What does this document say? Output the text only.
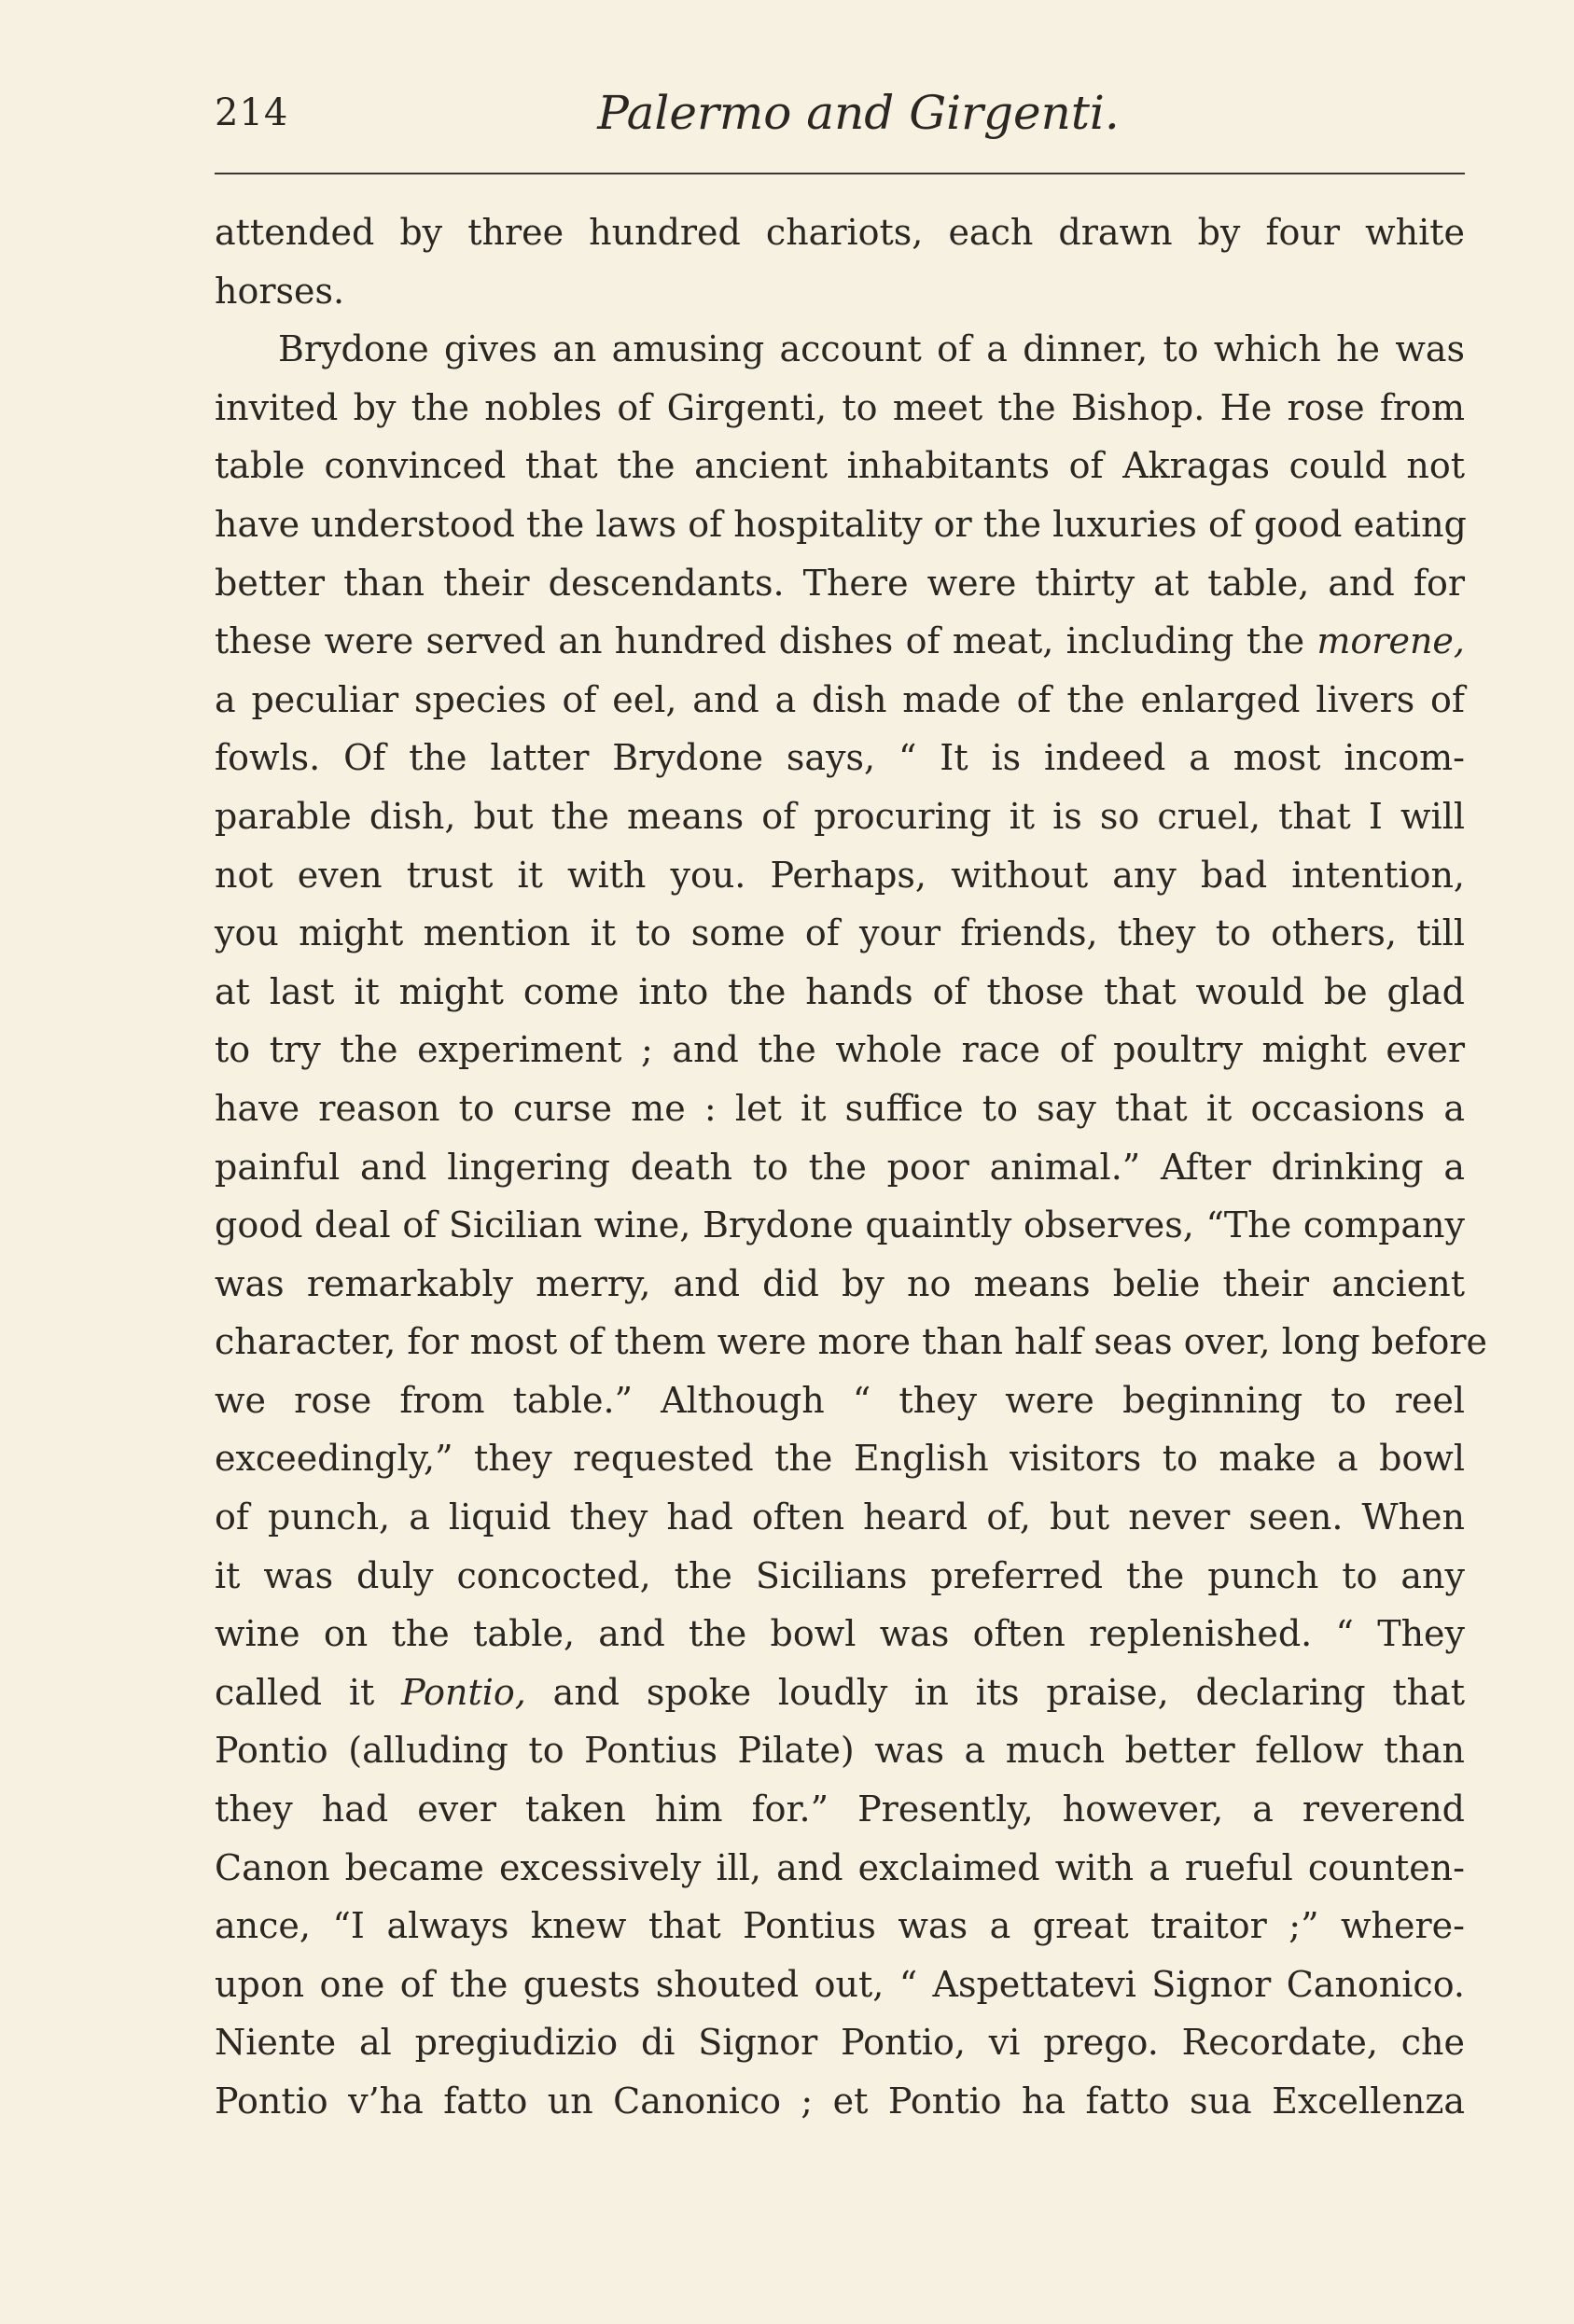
214	Palermo and Girgenti.
attended by three hundred chariots, each drawn by four white
horses.
Brydone gives an amusing account of a dinner, to which he was
invited by the nobles of Girgenti, to meet the Bishop. He rose from
table convinced that the ancient inhabitants of Akragas could not
have understood the laws of hospitality or the luxuries of good eating
better than their descendants. There were thirty at table, and for
these were served an hundred dishes of meat, including the morene,
a peculiar species of eel, and a dish made of the enlarged livers of
fowls. Of the latter Brydone says, “ It is indeed a most incom-
parable dish, but the means of procuring it is so cruel, that I will
not even trust it with you. Perhaps, without any bad intention,
you might mention it to some of your friends, they to others, till
at last it might come into the hands of those that would be glad
to try the experiment ; and the whole race of poultry might ever
have reason to curse me : let it suffice to say that it occasions a
painful and lingering death to the poor animal.” After drinking a
good deal of Sicilian wine, Brydone quaintly observes, “The company
was remarkably merry, and did by no means belie their ancient
character, for most of them were more than half seas over, long before
we rose from table.” Although “ they were beginning to reel
exceedingly,” they requested the English visitors to make a bowl
of punch, a liquid they had often heard of, but never seen. When
it was duly concocted, the Sicilians preferred the punch to any
wine on the table, and the bowl was often replenished. “ They
called it Pontio, and spoke loudly in its praise, declaring that
Pontio (alluding to Pontius Pilate) was a much better fellow than
they had ever taken him for.” Presently, however, a reverend
Canon became excessively ill, and exclaimed with a rueful counten-
ance, “I always knew that Pontius was a great traitor ;” where-
upon one of the guests shouted out, “ Aspettatevi Signor Canonico.
Niente al pregiudizio di Signor Pontio, vi prego. Recordate, che
Pontio v’ha fatto un Canonico ; et Pontio ha fatto sua Excellenza
